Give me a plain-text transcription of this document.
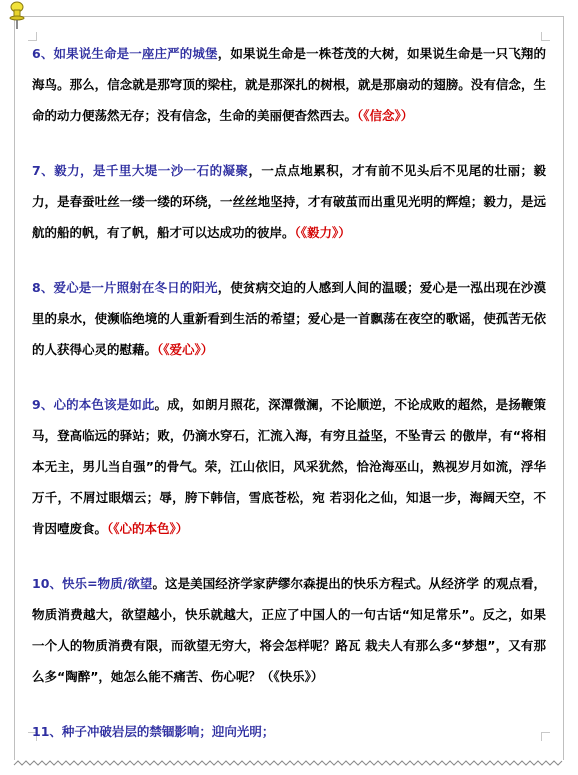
6、如果说生命是一座庄严的城堡，如果说生命是一株苍茂的大树，如果说生命是一只飞翔的海鸟。那么，信念就是那穹顶的梁柱，就是那深扎的树根，就是那扇动的翅膀。没有信念，生命的动力便荡然无存；没有信念，生命的美丽便杳然西去。（《信念》）

7、毅力，是千里大堤一沙一石的凝聚，一点点地累积，才有前不见头后不见尾的壮丽；毅力，是春蚕吐丝一缕一缕的环绕，一丝丝地坚持，才有破茧而出重见光明的辉煌；毅力，是远航的船的帆，有了帆，船才可以达成功的彼岸。（《毅力》）

8、爱心是一片照射在冬日的阳光，使贫病交迫的人感到人间的温暖；爱心是一泓出现在沙漠里的泉水，使濒临绝境的人重新看到生活的希望；爱心是一首飘荡在夜空的歌谣，使孤苦无依的人获得心灵的慰藉。（《爱心》）

9、心的本色该是如此。成，如朗月照花，深潭微澜，不论顺逆，不论成败的超然，是扬鞭策马，登高临远的驿站；败，仍滴水穿石，汇流入海，有穷且益坚，不坠青云 的傲岸，有“将相本无主，男儿当自强”的骨气。荣，江山依旧，风采犹然，恰沧海巫山，熟视岁月如流，浮华万千，不屑过眼烟云；辱，胯下韩信，雪底苍松，宛 若羽化之仙，知退一步，海阔天空，不肯因噎废食。（《心的本色》）

10、快乐=物质/欲望。这是美国经济学家萨缪尔森提出的快乐方程式。从经济学 的观点看，物质消费越大，欲望越小，快乐就越大，正应了中国人的一句古话“知足常乐”。反之，如果一个人的物质消费有限，而欲望无穷大，将会怎样呢？路瓦 栽夫人有那么多“梦想”，又有那么多“陶醉”，她怎么能不痛苦、伤心呢？（《快乐》）

11、种子冲破岩层的禁锢影响；迎向光明；
